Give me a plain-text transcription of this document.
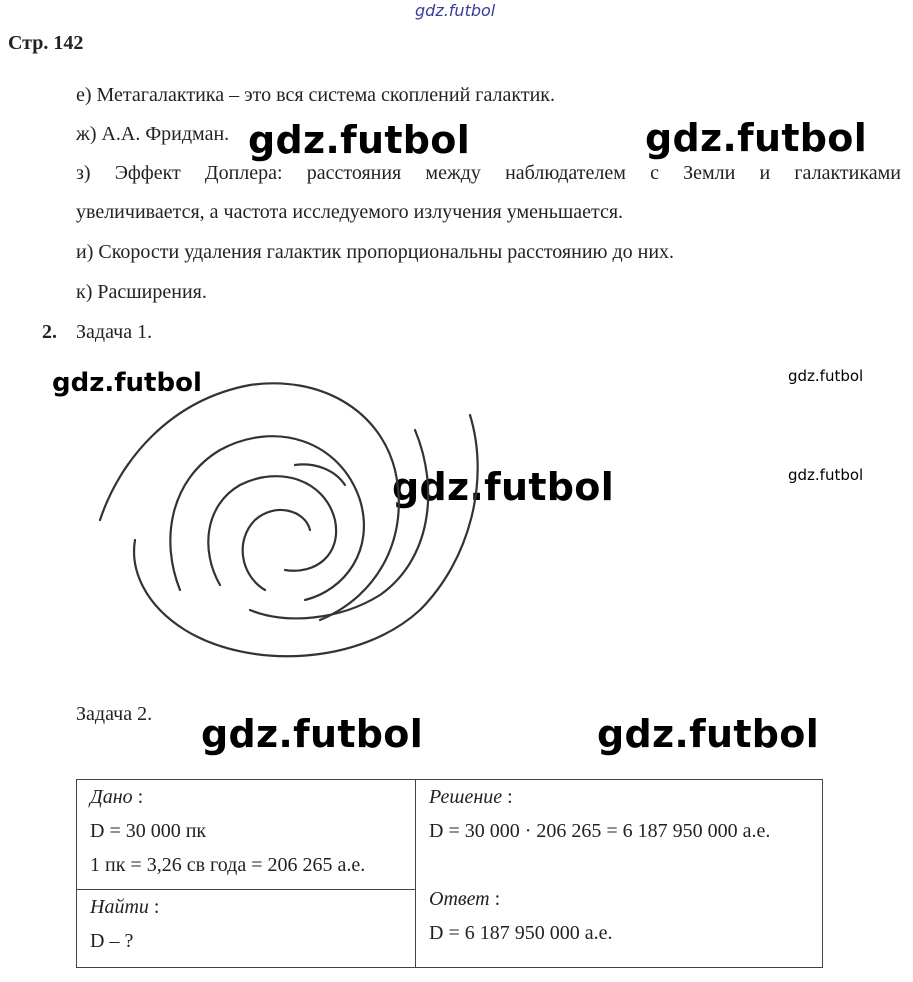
gdz.futbol
gdz.futbol	gdz.futbol
gdz.futbol	gdz.futbol
gdz.futbol
gdz.futbol
gdz.futbol	gdz.futbol
Стр. 142
е) Метагалактика – это вся система скоплений галактик.
ж) А.А. Фридман.
з) Эффект Доплера: расстояния между наблюдателем с Земли и галактиками
увеличивается, а частота исследуемого излучения уменьшается.
и) Скорости удаления галактик пропорциональны расстоянию до них.
к) Расширения.
2. Задача 1.
Задача 2.
Дано :
D = 30 000 пк
1 пк = 3,26 св года = 206 265 а.е.

Решение :
D = 30 000 · 206 265 = 6 187 950 000 а.е.
Ответ :
D = 6 187 950 000 а.е.

Найти :
D – ?
